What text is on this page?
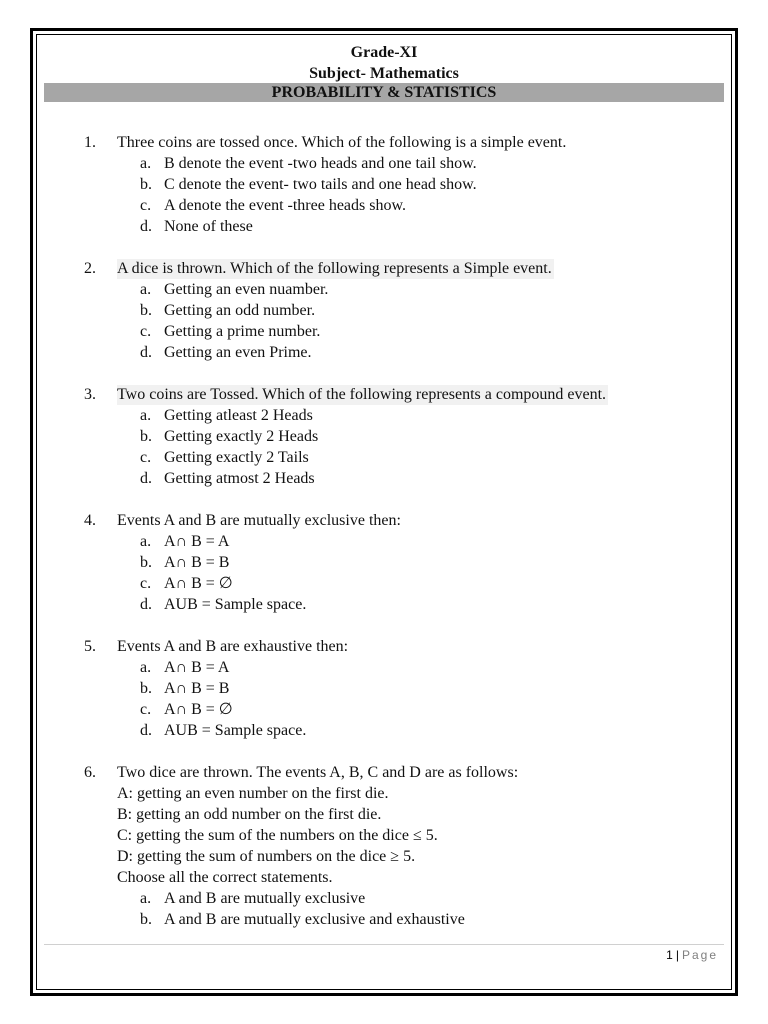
Grade-XI
Subject- Mathematics
PROBABILITY & STATISTICS
1.	Three coins are tossed once. Which of the following is a simple event.
a. B denote the event -two heads and one tail show.
b. C denote the event- two tails and one head show.
c. A denote the event -three heads show.
d. None of these
2.	A dice is thrown. Which of the following represents a Simple event.
a. Getting an even nuamber.
b. Getting an odd number.
c. Getting a prime number.
d. Getting an even Prime.
3.	Two coins are Tossed. Which of the following represents a compound event.
a. Getting atleast 2 Heads
b. Getting exactly 2 Heads
c. Getting exactly 2 Tails
d. Getting atmost 2 Heads
4.	Events A and B are mutually exclusive then:
a. A∩ B = A
b. A∩ B = B
c. A∩ B = ∅
d. AUB = Sample space.
5.	Events A and B are exhaustive then:
a. A∩ B = A
b. A∩ B = B
c. A∩ B = ∅
d. AUB = Sample space.
6.	Two dice are thrown. The events A, B, C and D are as follows:
A: getting an even number on the first die.
B: getting an odd number on the first die.
C: getting the sum of the numbers on the dice ≤ 5.
D: getting the sum of numbers on the dice ≥ 5.
Choose all the correct statements.
a. A and B are mutually exclusive
b. A and B are mutually exclusive and exhaustive
1 | Page
